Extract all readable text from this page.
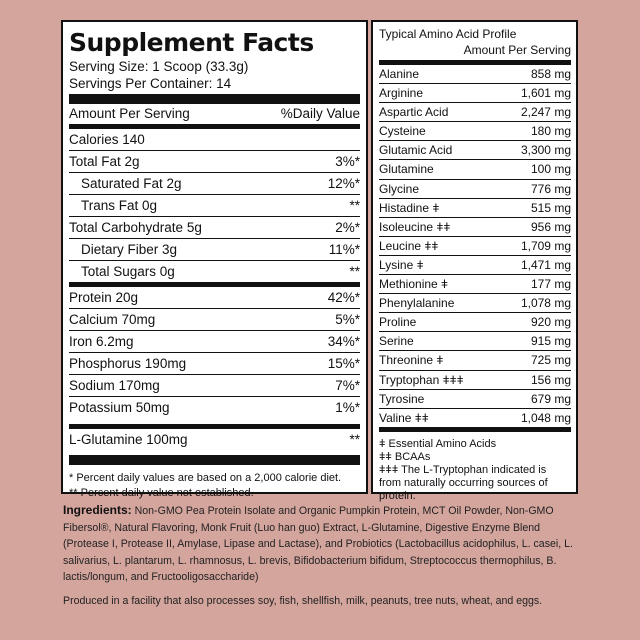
Supplement Facts
Serving Size: 1 Scoop (33.3g)
Servings Per Container: 14
Amount Per Serving	%Daily Value
Calories 140
Total Fat 2g	3%*
Saturated Fat 2g	12%*
Trans Fat 0g	**
Total Carbohydrate 5g	2%*
Dietary Fiber 3g	11%*
Total Sugars 0g	**
Protein 20g	42%*
Calcium 70mg	5%*
Iron 6.2mg	34%*
Phosphorus 190mg	15%*
Sodium 170mg	7%*
Potassium 50mg	1%*
L-Glutamine 100mg	**
* Percent daily values are based on a 2,000 calorie diet.
** Percent daily value not established.
Typical Amino Acid Profile
Amount Per Serving
Alanine	858 mg
Arginine	1,601 mg
Aspartic Acid	2,247 mg
Cysteine	180 mg
Glutamic Acid	3,300 mg
Glutamine	100 mg
Glycine	776 mg
Histadine ǂ	515 mg
Isoleucine ǂǂ	956 mg
Leucine ǂǂ	1,709 mg
Lysine ǂ	1,471 mg
Methionine ǂ	177 mg
Phenylalanine	1,078 mg
Proline	920 mg
Serine	915 mg
Threonine ǂ	725 mg
Tryptophan ǂǂǂ	156 mg
Tyrosine	679 mg
Valine ǂǂ	1,048 mg
ǂ Essential Amino Acids
ǂǂ BCAAs
ǂǂǂ The L-Tryptophan indicated is from naturally occurring sources of protein.
Ingredients: Non-GMO Pea Protein Isolate and Organic Pumpkin Protein, MCT Oil Powder, Non-GMO Fibersol®, Natural Flavoring, Monk Fruit (Luo han guo) Extract, L-Glutamine, Digestive Enzyme Blend (Protease I, Protease II, Amylase, Lipase and Lactase), and Probiotics (Lactobacillus acidophilus, L. casei, L. salivarius, L. plantarum, L. rhamnosus, L. brevis, Bifidobacterium bifidum, Streptococcus thermophilus, B. lactis/longum, and Fructooligosaccharide)
Produced in a facility that also processes soy, fish, shellfish, milk, peanuts, tree nuts, wheat, and eggs.
